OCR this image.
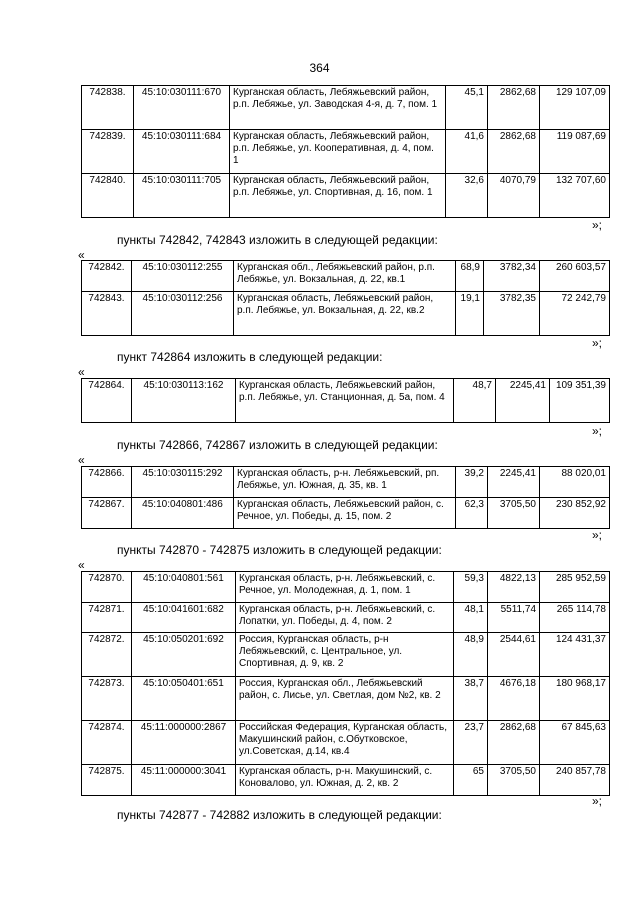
364
742838.	45:10:030111:670	Курганская область, Лебяжьевский район, р.п. Лебяжье, ул. Заводская 4-я, д. 7, пом. 1	45,1	2862,68	129 107,09
742839.	45:10:030111:684	Курганская область, Лебяжьевский район, р.п. Лебяжье, ул. Кооперативная, д. 4, пом. 1	41,6	2862,68	119 087,69
742840.	45:10:030111:705	Курганская область, Лебяжьевский район, р.п. Лебяжье, ул. Спортивная, д. 16, пом. 1	32,6	4070,79	132 707,60
»;
пункты 742842, 742843 изложить в следующей редакции:
«
742842.	45:10:030112:255	Курганская обл., Лебяжьевский район, р.п. Лебяжье, ул. Вокзальная, д. 22, кв.1	68,9	3782,34	260 603,57
742843.	45:10:030112:256	Курганская область, Лебяжьевский район, р.п. Лебяжье, ул. Вокзальная, д. 22, кв.2	19,1	3782,35	72 242,79
»;
пункт 742864 изложить в следующей редакции:
«
742864.	45:10:030113:162	Курганская область, Лебяжьевский район, р.п. Лебяжье, ул. Станционная, д. 5а, пом. 4	48,7	2245,41	109 351,39
»;
пункты 742866, 742867 изложить в следующей редакции:
«
742866.	45:10:030115:292	Курганская область, р-н. Лебяжьевский, рп. Лебяжье, ул. Южная, д. 35, кв. 1	39,2	2245,41	88 020,01
742867.	45:10:040801:486	Курганская область, Лебяжьевский район, с. Речное, ул. Победы, д. 15, пом. 2	62,3	3705,50	230 852,92
»;
пункты 742870 - 742875 изложить в следующей редакции:
«
742870.	45:10:040801:561	Курганская область, р-н. Лебяжьевский, с. Речное, ул. Молодежная, д. 1, пом. 1	59,3	4822,13	285 952,59
742871.	45:10:041601:682	Курганская область, р-н. Лебяжьевский, с. Лопатки, ул. Победы, д. 4, пом. 2	48,1	5511,74	265 114,78
742872.	45:10:050201:692	Россия, Курганская область, р-н Лебяжьевский, с. Центральное, ул. Спортивная, д. 9, кв. 2	48,9	2544,61	124 431,37
742873.	45:10:050401:651	Россия, Курганская обл., Лебяжьевский район, с. Лисье, ул. Светлая, дом №2, кв. 2	38,7	4676,18	180 968,17
742874.	45:11:000000:2867	Российская Федерация, Курганская область, Макушинский район, с.Обутковское, ул.Советская, д.14, кв.4	23,7	2862,68	67 845,63
742875.	45:11:000000:3041	Курганская область, р-н. Макушинский, с. Коновалово, ул. Южная, д. 2, кв. 2	65	3705,50	240 857,78
»;
пункты 742877 - 742882 изложить в следующей редакции:
